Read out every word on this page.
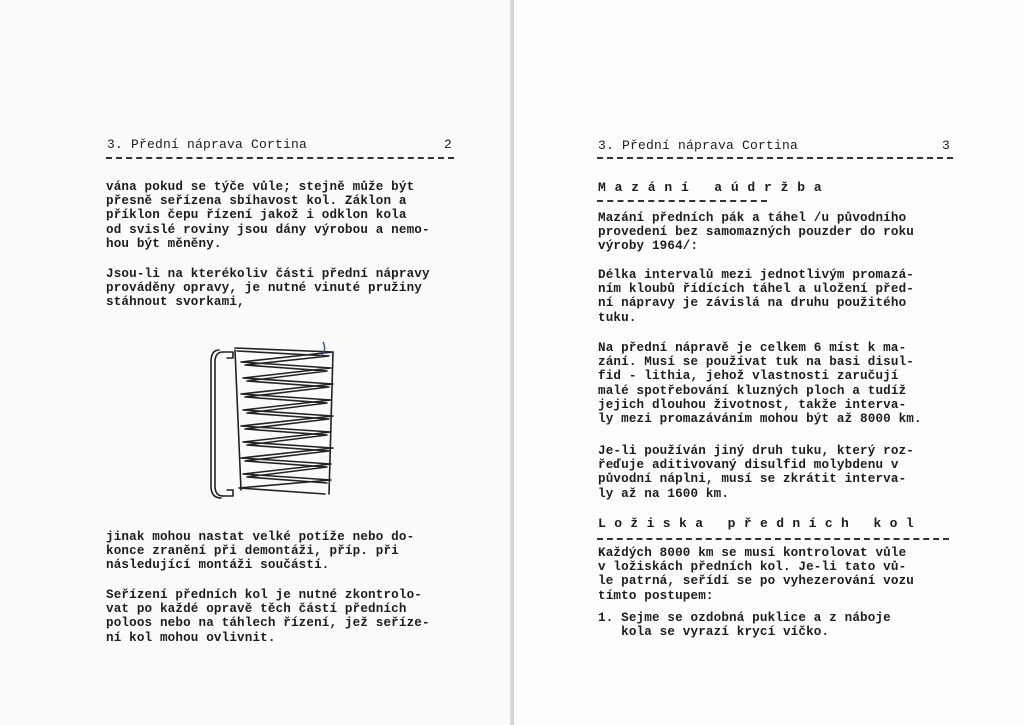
3. Přední náprava Cortina	2
vána pokud se týče vůle; stejně může být
přesně seřízena sbíhavost kol. Záklon a
příklon čepu řízení jakož i odklon kola
od svislé roviny jsou dány výrobou a nemo-
hou být měněny.
Jsou-li na kterékoliv části přední nápravy
prováděny opravy, je nutné vinuté pružiny
stáhnout svorkami,
jinak mohou nastat velké potíže nebo do-
konce zranění při demontáži, příp. při
následující montáži součástí.
Seřízení předních kol je nutné zkontrolo-
vat po každé opravě těch částí předních
poloos nebo na táhlech řízení, jež seříze-
ní kol mohou ovlivnit.
3. Přední náprava Cortina	3
M a z á n í   a ú d r ž b a
Mazání předních pák a táhel /u původního
provedení bez samomazných pouzder do roku
výroby 1964/:
Délka intervalů mezi jednotlivým promazá-
ním kloubů řídících táhel a uložení před-
ní nápravy je závislá na druhu použitého
tuku.
Na přední nápravě je celkem 6 míst k ma-
zání. Musí se používat tuk na basi disul-
fid - lithia, jehož vlastnosti zaručují
malé spotřebování kluzných ploch a tudíž
jejich dlouhou životnost, takže interva-
ly mezi promazáváním mohou být až 8000 km.
Je-li používán jiný druh tuku, který roz-
řeďuje aditivovaný disulfid molybdenu v
původní náplni, musí se zkrátit interva-
ly až na 1600 km.
L o ž i s k a   p ř e d n í c h   k o l
Každých 8000 km se musí kontrolovat vůle
v ložiskách předních kol. Je-li tato vů-
le patrná, seřídí se po vyhezerování vozu
tímto postupem:
1. Sejme se ozdobná puklice a z náboje
kola se vyrazí krycí víčko.
